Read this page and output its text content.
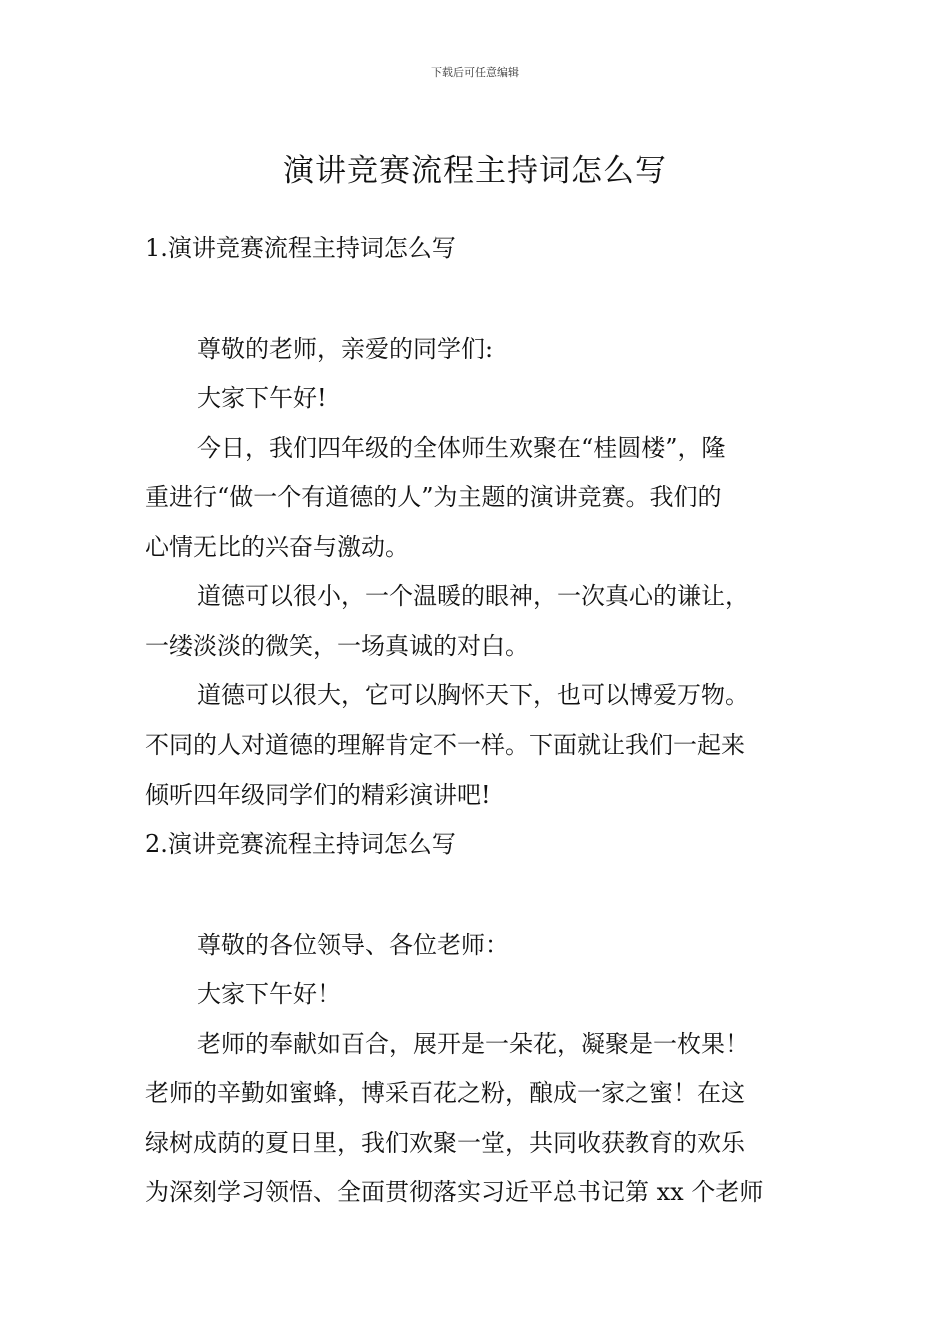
下载后可任意编辑
演讲竞赛流程主持词怎么写
1.演讲竞赛流程主持词怎么写
尊敬的老师，亲爱的同学们:
大家下午好!
今日，我们四年级的全体师生欢聚在“桂圆楼”，隆
重进行“做一个有道德的人”为主题的演讲竞赛。我们的
心情无比的兴奋与激动。
道德可以很小，一个温暖的眼神，一次真心的谦让，
一缕淡淡的微笑，一场真诚的对白。
道德可以很大，它可以胸怀天下，也可以博爱万物。
不同的人对道德的理解肯定不一样。下面就让我们一起来
倾听四年级同学们的精彩演讲吧!
2.演讲竞赛流程主持词怎么写
尊敬的各位领导、各位老师：
大家下午好！
老师的奉献如百合，展开是一朵花，凝聚是一枚果！
老师的辛勤如蜜蜂，博采百花之粉，酿成一家之蜜！在这
绿树成荫的夏日里，我们欢聚一堂，共同收获教育的欢乐
为深刻学习领悟、全面贯彻落实习近平总书记第 xx 个老师
